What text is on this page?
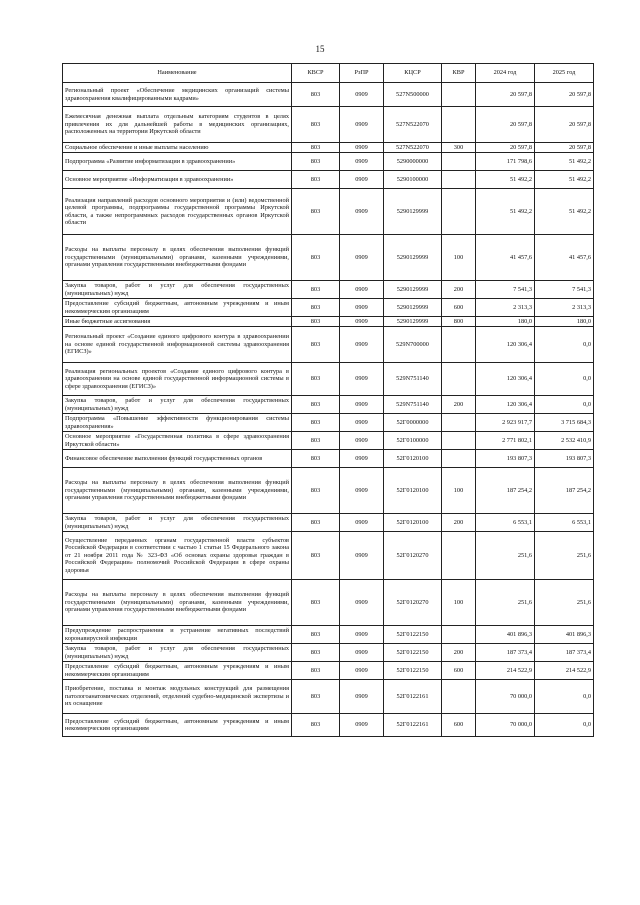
15
Наименование	КВСР	РзПР	КЦСР	КВР	2024 год	2025 год
Региональный проект «Обеспечение медицинских организаций системы здравоохранения квалифицированными кадрами»	803	0909	527N500000		20 597,8	20 597,8
Ежемесячная денежная выплата отдельным категориям студентов в целях привлечения их для дальнейшей работы в медицинских организациях, расположенных на территории Иркутской области	803	0909	527N522070		20 597,8	20 597,8
Социальное обеспечение и иные выплаты населению	803	0909	527N522070	300	20 597,8	20 597,8
Подпрограмма «Развитие информатизации в здравоохранении»	803	0909	5290000000		171 798,6	51 492,2
Основное мероприятие «Информатизация в здравоохранении»	803	0909	5290100000		51 492,2	51 492,2
Реализация направлений расходов основного мероприятия и (или) ведомственной целевой программы, подпрограммы государственной программы Иркутской области, а также непрограммных расходов государственных органов Иркутской области	803	0909	5290129999		51 492,2	51 492,2
Расходы на выплаты персоналу в целях обеспечения выполнения функций государственными (муниципальными) органами, казенными учреждениями, органами управления государственными внебюджетными фондами	803	0909	5290129999	100	41 457,6	41 457,6
Закупка товаров, работ и услуг для обеспечения государственных (муниципальных) нужд	803	0909	5290129999	200	7 541,3	7 541,3
Предоставление субсидий бюджетным, автономным учреждениям и иным некоммерческим организациям	803	0909	5290129999	600	2 313,3	2 313,3
Иные бюджетные ассигнования	803	0909	5290129999	800	180,0	180,0
Региональный проект «Создание единого цифрового контура в здравоохранении на основе единой государственной информационной системы здравоохранения (ЕГИСЗ)»	803	0909	529N700000		120 306,4	0,0
Реализация региональных проектов «Создание единого цифрового контура в здравоохранении на основе единой государственной информационной системы в сфере здравоохранения (ЕГИСЗ)»	803	0909	529N751140		120 306,4	0,0
Закупка товаров, работ и услуг для обеспечения государственных (муниципальных) нужд	803	0909	529N751140	200	120 306,4	0,0
Подпрограмма «Повышение эффективности функционирования системы здравоохранения»	803	0909	52Г0000000		2 923 917,7	3 715 684,3
Основное мероприятие «Государственная политика в сфере здравоохранения Иркутской области»	803	0909	52Г0100000		2 771 802,1	2 532 410,9
Финансовое обеспечение выполнения функций государственных органов	803	0909	52Г0120100		193 807,3	193 807,3
Расходы на выплаты персоналу в целях обеспечения выполнения функций государственными (муниципальными) органами, казенными учреждениями, органами управления государственными внебюджетными фондами	803	0909	52Г0120100	100	187 254,2	187 254,2
Закупка товаров, работ и услуг для обеспечения государственных (муниципальных) нужд	803	0909	52Г0120100	200	6 553,1	6 553,1
Осуществление переданных органам государственной власти субъектов Российской Федерации в соответствии с частью 1 статьи 15 Федерального закона от 21 ноября 2011 года № 323-ФЗ «Об основах охраны здоровья граждан в Российской Федерации» полномочий Российской Федерации в сфере охраны здоровья	803	0909	52Г0120270		251,6	251,6
Расходы на выплаты персоналу в целях обеспечения выполнения функций государственными (муниципальными) органами, казенными учреждениями, органами управления государственными внебюджетными фондами	803	0909	52Г0120270	100	251,6	251,6
Предупреждение распространения и устранение негативных последствий коронавирусной инфекции	803	0909	52Г0122150		401 896,3	401 896,3
Закупка товаров, работ и услуг для обеспечения государственных (муниципальных) нужд	803	0909	52Г0122150	200	187 373,4	187 373,4
Предоставление субсидий бюджетным, автономным учреждениям и иным некоммерческим организациям	803	0909	52Г0122150	600	214 522,9	214 522,9
Приобретение, поставка и монтаж модульных конструкций для размещения патологоанатомических отделений, отделений судебно-медицинской экспертизы и их оснащение	803	0909	52Г0122161		70 000,0	0,0
Предоставление субсидий бюджетным, автономным учреждениям и иным некоммерческим организациям	803	0909	52Г0122161	600	70 000,0	0,0
